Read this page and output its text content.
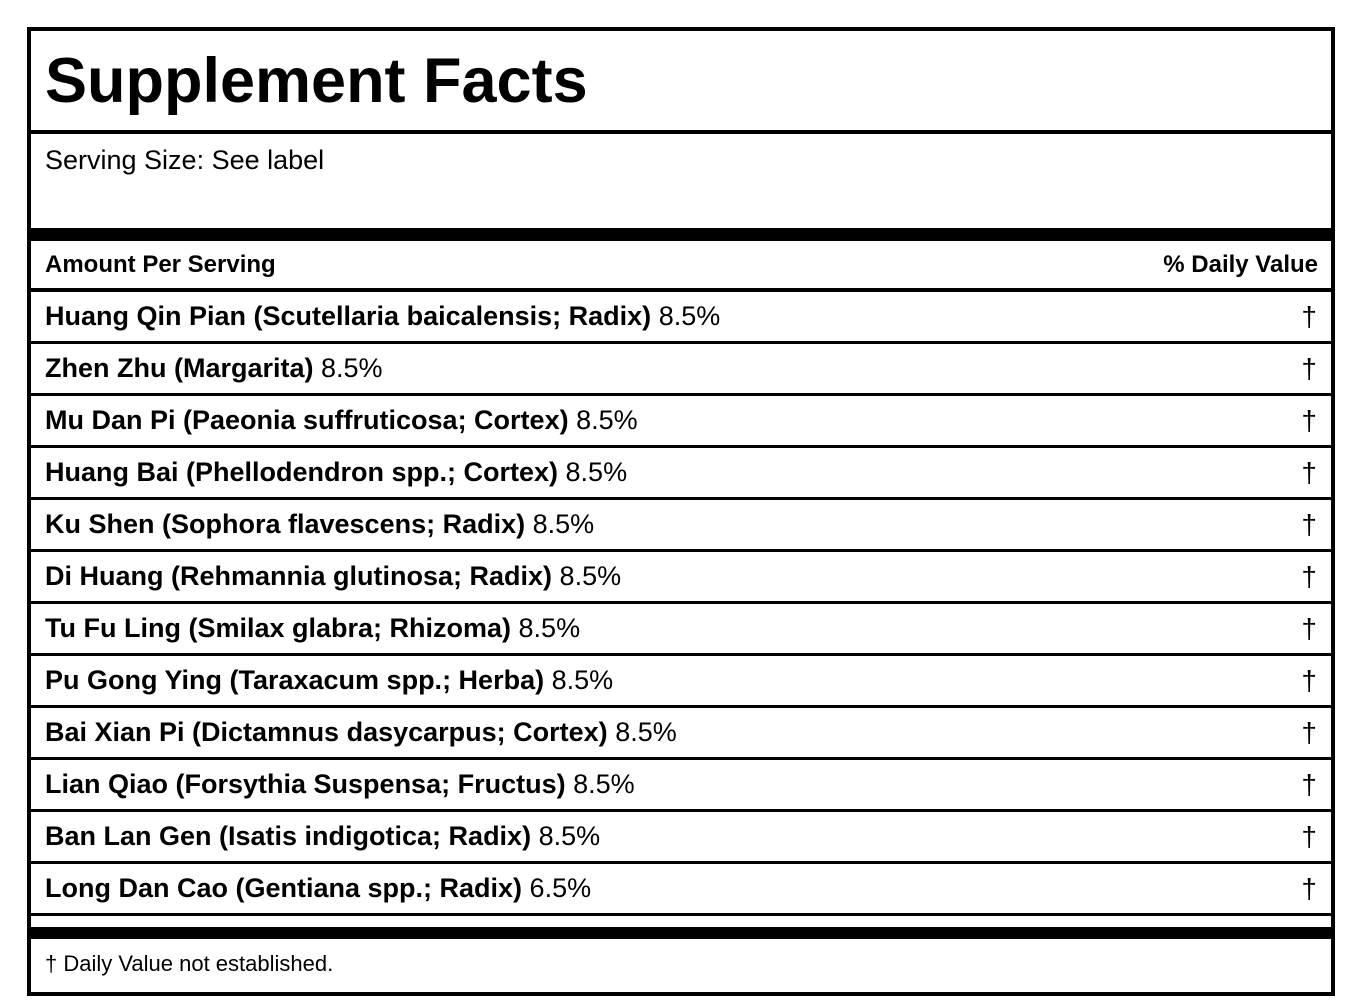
Supplement Facts
Serving Size: See label
Amount Per Serving	% Daily Value
Huang Qin Pian (Scutellaria baicalensis; Radix) 8.5%	†
Zhen Zhu (Margarita) 8.5%	†
Mu Dan Pi (Paeonia suffruticosa; Cortex) 8.5%	†
Huang Bai (Phellodendron spp.; Cortex) 8.5%	†
Ku Shen (Sophora flavescens; Radix) 8.5%	†
Di Huang (Rehmannia glutinosa; Radix) 8.5%	†
Tu Fu Ling (Smilax glabra; Rhizoma) 8.5%	†
Pu Gong Ying (Taraxacum spp.; Herba) 8.5%	†
Bai Xian Pi (Dictamnus dasycarpus; Cortex) 8.5%	†
Lian Qiao (Forsythia Suspensa; Fructus) 8.5%	†
Ban Lan Gen (Isatis indigotica; Radix) 8.5%	†
Long Dan Cao (Gentiana spp.; Radix) 6.5%	†
† Daily Value not established.
